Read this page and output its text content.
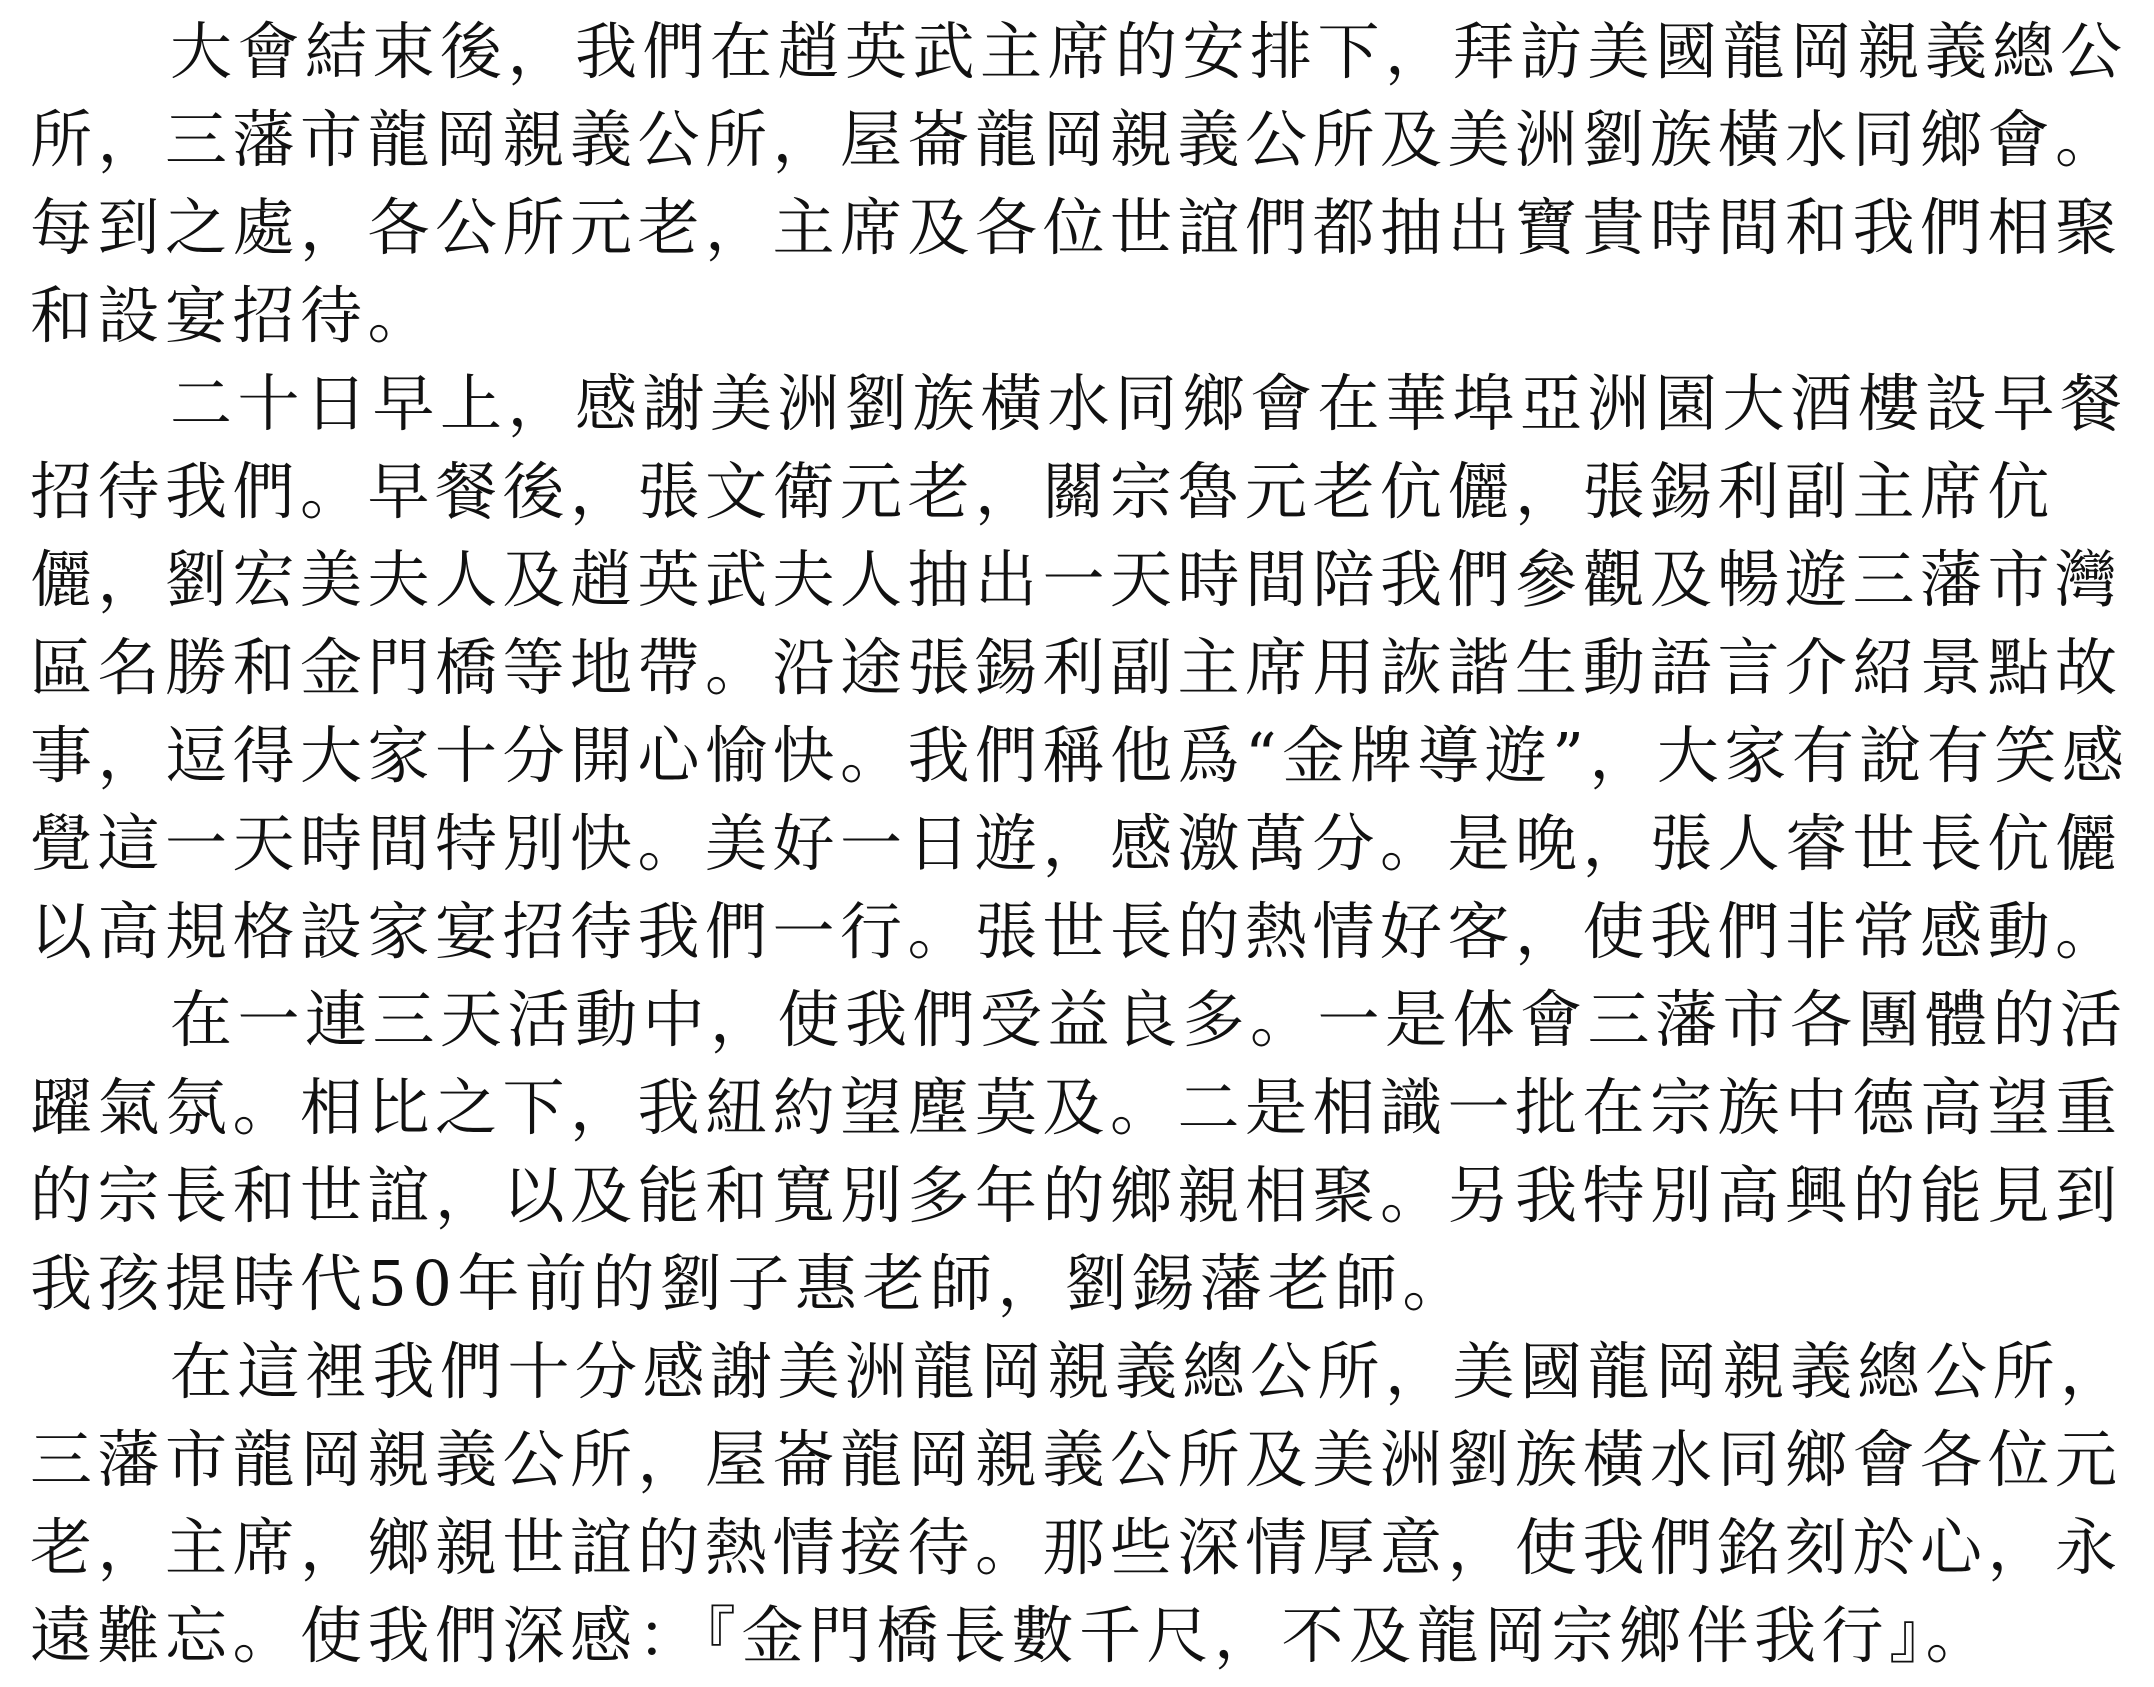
大會結束後，我們在趙英武主席的安排下，拜訪美國龍岡親義總公
所，三藩市龍岡親義公所，屋崙龍岡親義公所及美洲劉族橫水同鄉會。
每到之處，各公所元老，主席及各位世誼們都抽出寶貴時間和我們相聚
和設宴招待。
二十日早上，感謝美洲劉族橫水同鄉會在華埠亞洲園大酒樓設早餐
招待我們。早餐後，張文衛元老，關宗魯元老伉儷，張錫利副主席伉
儷，劉宏美夫人及趙英武夫人抽出一天時間陪我們參觀及暢遊三藩市灣
區名勝和金門橋等地帶。沿途張錫利副主席用詼諧生動語言介紹景點故
事，逗得大家十分開心愉快。我們稱他爲“金牌導遊”，大家有說有笑感
覺這一天時間特別快。美好一日遊，感激萬分。是晚，張人睿世長伉儷
以高規格設家宴招待我們一行。張世長的熱情好客，使我們非常感動。
在一連三天活動中，使我們受益良多。一是体會三藩市各團體的活
躍氣氛。相比之下，我紐約望塵莫及。二是相識一批在宗族中德高望重
的宗長和世誼，以及能和寬別多年的鄉親相聚。另我特別高興的能見到
我孩提時代50年前的劉子惠老師，劉錫藩老師。
在這裡我們十分感謝美洲龍岡親義總公所，美國龍岡親義總公所，
三藩市龍岡親義公所，屋崙龍岡親義公所及美洲劉族橫水同鄉會各位元
老，主席，鄉親世誼的熱情接待。那些深情厚意，使我們銘刻於心，永
遠難忘。使我們深感：『金門橋長數千尺，不及龍岡宗鄉伴我行』。
